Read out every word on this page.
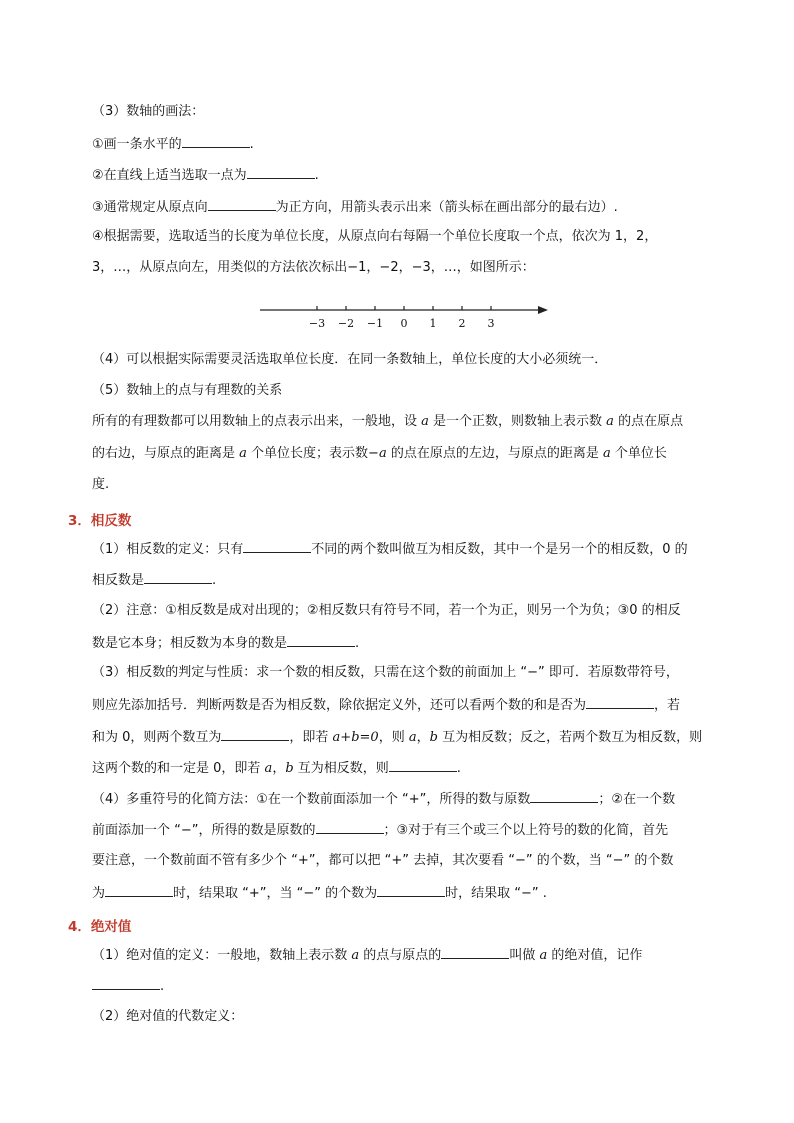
（3）数轴的画法：
①画一条水平的	.
②在直线上适当选取一点为	.
③通常规定从原点向	为正方向，用箭头表示出来（箭头标在画出部分的最右边）.
④根据需要，选取适当的长度为单位长度，从原点向右每隔一个单位长度取一个点，依次为 1，2，
3，…，从原点向左，用类似的方法依次标出−1，−2，−3，…，如图所示：
−3 −2 −1 0 1 2 3
（4）可以根据实际需要灵活选取单位长度．在同一条数轴上，单位长度的大小必须统一．
（5）数轴上的点与有理数的关系
所有的有理数都可以用数轴上的点表示出来，一般地，设 a 是一个正数，则数轴上表示数 a 的点在原点
的右边，与原点的距离是 a 个单位长度；表示数−a 的点在原点的左边，与原点的距离是 a 个单位长
度.
3．相反数
（1）相反数的定义：只有	不同的两个数叫做互为相反数，其中一个是另一个的相反数，0 的
相反数是	.
（2）注意：①相反数是成对出现的；②相反数只有符号不同，若一个为正，则另一个为负；③0 的相反
数是它本身；相反数为本身的数是	.
（3）相反数的判定与性质：求一个数的相反数，只需在这个数的前面加上 “−” 即可．若原数带符号，
则应先添加括号．判断两数是否为相反数，除依据定义外，还可以看两个数的和是否为	，若
和为 0，则两个数互为	，即若 a+b=0，则 a，b 互为相反数；反之，若两个数互为相反数，则
这两个数的和一定是 0，即若 a，b 互为相反数，则	.
（4）多重符号的化简方法：①在一个数前面添加一个 “+”，所得的数与原数	；②在一个数
前面添加一个 “−”，所得的数是原数的	；③对于有三个或三个以上符号的数的化简，首先
要注意，一个数前面不管有多少个 “+”，都可以把 “+” 去掉，其次要看 “−” 的个数，当 “−” 的个数
为	时，结果取 “+”，当 “−” 的个数为	时，结果取 “−” .
4．绝对值
（1）绝对值的定义：一般地，数轴上表示数 a 的点与原点的	叫做 a 的绝对值，记作
.
（2）绝对值的代数定义：
